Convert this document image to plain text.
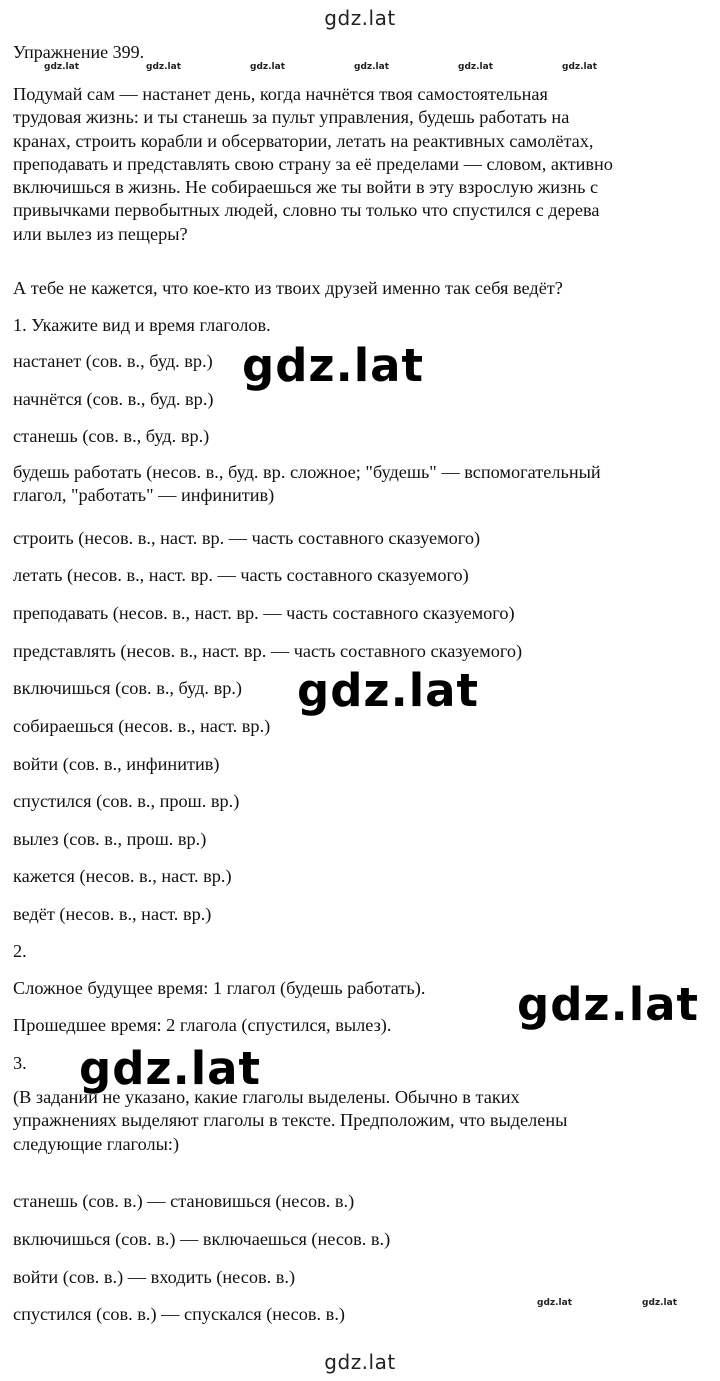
gdz.lat
Упражнение 399.
gdz.lat	gdz.lat	gdz.lat	gdz.lat	gdz.lat	gdz.lat
Подумай сам — настанет день, когда начнётся твоя самостоятельная
трудовая жизнь: и ты станешь за пульт управления, будешь работать на
кранах, строить корабли и обсерватории, летать на реактивных самолётах,
преподавать и представлять свою страну за её пределами — словом, активно
включишься в жизнь. Не собираешься же ты войти в эту взрослую жизнь с
привычками первобытных людей, словно ты только что спустился с дерева
или вылез из пещеры?
А тебе не кажется, что кое-кто из твоих друзей именно так себя ведёт?
1. Укажите вид и время глаголов.
настанет (сов. в., буд. вр.)
начнётся (сов. в., буд. вр.)
станешь (сов. в., буд. вр.)
будешь работать (несов. в., буд. вр. сложное; "будешь" — вспомогательный
глагол, "работать" — инфинитив)
строить (несов. в., наст. вр. — часть составного сказуемого)
летать (несов. в., наст. вр. — часть составного сказуемого)
преподавать (несов. в., наст. вр. — часть составного сказуемого)
представлять (несов. в., наст. вр. — часть составного сказуемого)
включишься (сов. в., буд. вр.)
собираешься (несов. в., наст. вр.)
войти (сов. в., инфинитив)
спустился (сов. в., прош. вр.)
вылез (сов. в., прош. вр.)
кажется (несов. в., наст. вр.)
ведёт (несов. в., наст. вр.)
2.
Сложное будущее время: 1 глагол (будешь работать).
Прошедшее время: 2 глагола (спустился, вылез).
3.
(В задании не указано, какие глаголы выделены. Обычно в таких
упражнениях выделяют глаголы в тексте. Предположим, что выделены
следующие глаголы:)
станешь (сов. в.) — становишься (несов. в.)
включишься (сов. в.) — включаешься (несов. в.)
войти (сов. в.) — входить (несов. в.)
спустился (сов. в.) — спускался (несов. в.)
gdz.lat
gdz.lat
gdz.lat
gdz.lat
gdz.lat	gdz.lat
gdz.lat
